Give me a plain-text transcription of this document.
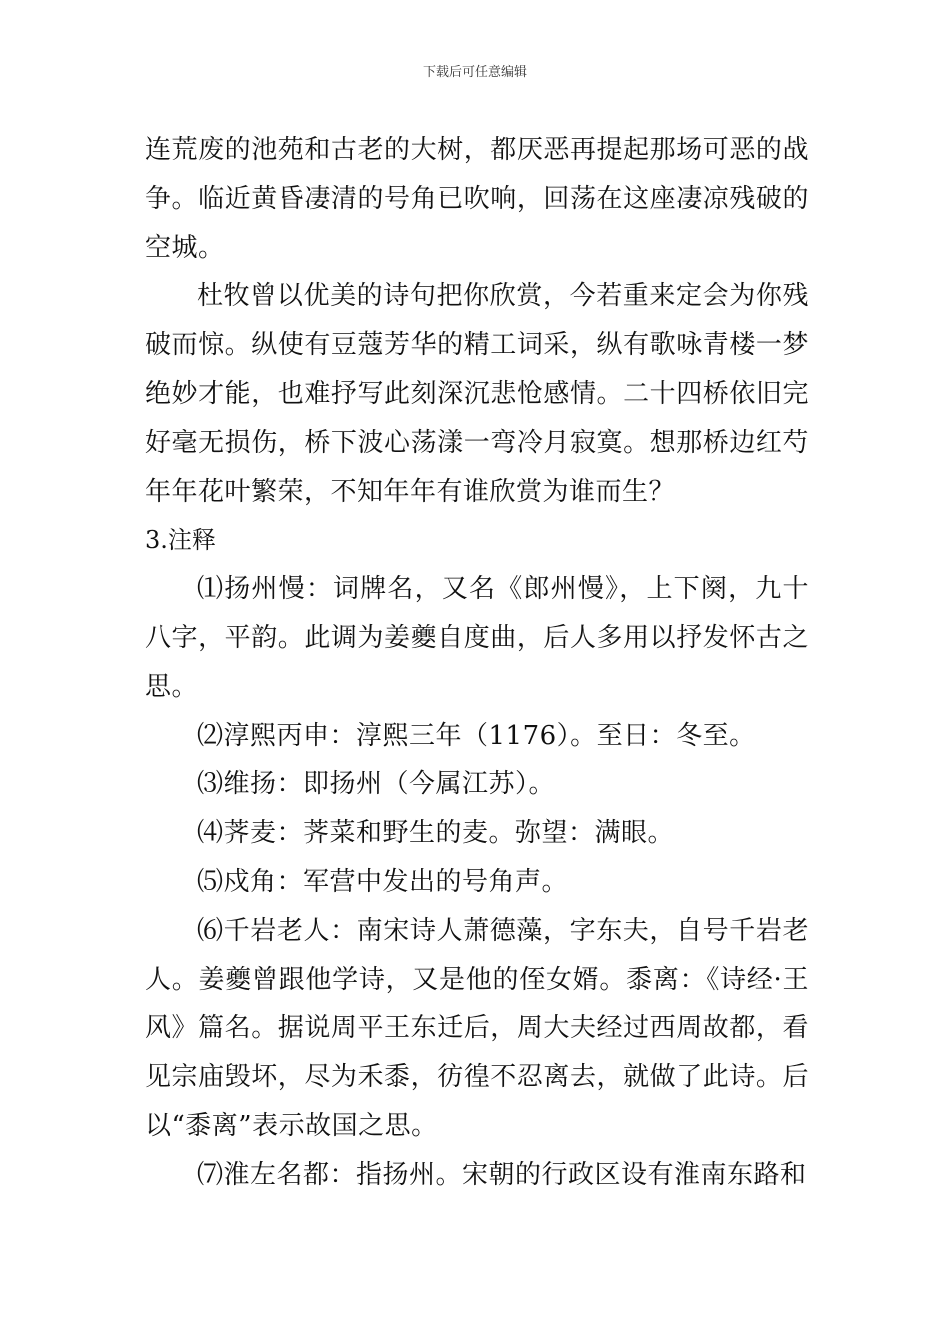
下载后可任意编辑

连荒废的池苑和古老的大树，都厌恶再提起那场可恶的战争。临近黄昏凄清的号角已吹响，回荡在这座凄凉残破的空城。

杜牧曾以优美的诗句把你欣赏，今若重来定会为你残破而惊。纵使有豆蔻芳华的精工词采，纵有歌咏青楼一梦绝妙才能，也难抒写此刻深沉悲怆感情。二十四桥依旧完好毫无损伤，桥下波心荡漾一弯冷月寂寞。想那桥边红芍年年花叶繁荣，不知年年有谁欣赏为谁而生？

3.注释

⑴扬州慢：词牌名，又名《郎州慢》，上下阕，九十八字，平韵。此调为姜夔自度曲，后人多用以抒发怀古之思。

⑵淳熙丙申：淳熙三年（1176）。至日：冬至。

⑶维扬：即扬州（今属江苏）。

⑷荠麦：荠菜和野生的麦。弥望：满眼。

⑸戍角：军营中发出的号角声。

⑹千岩老人：南宋诗人萧德藻，字东夫，自号千岩老人。姜夔曾跟他学诗，又是他的侄女婿。黍离：《诗经·王风》篇名。据说周平王东迁后，周大夫经过西周故都，看见宗庙毁坏，尽为禾黍，彷徨不忍离去，就做了此诗。后以“黍离”表示故国之思。

⑺淮左名都：指扬州。宋朝的行政区设有淮南东路和
